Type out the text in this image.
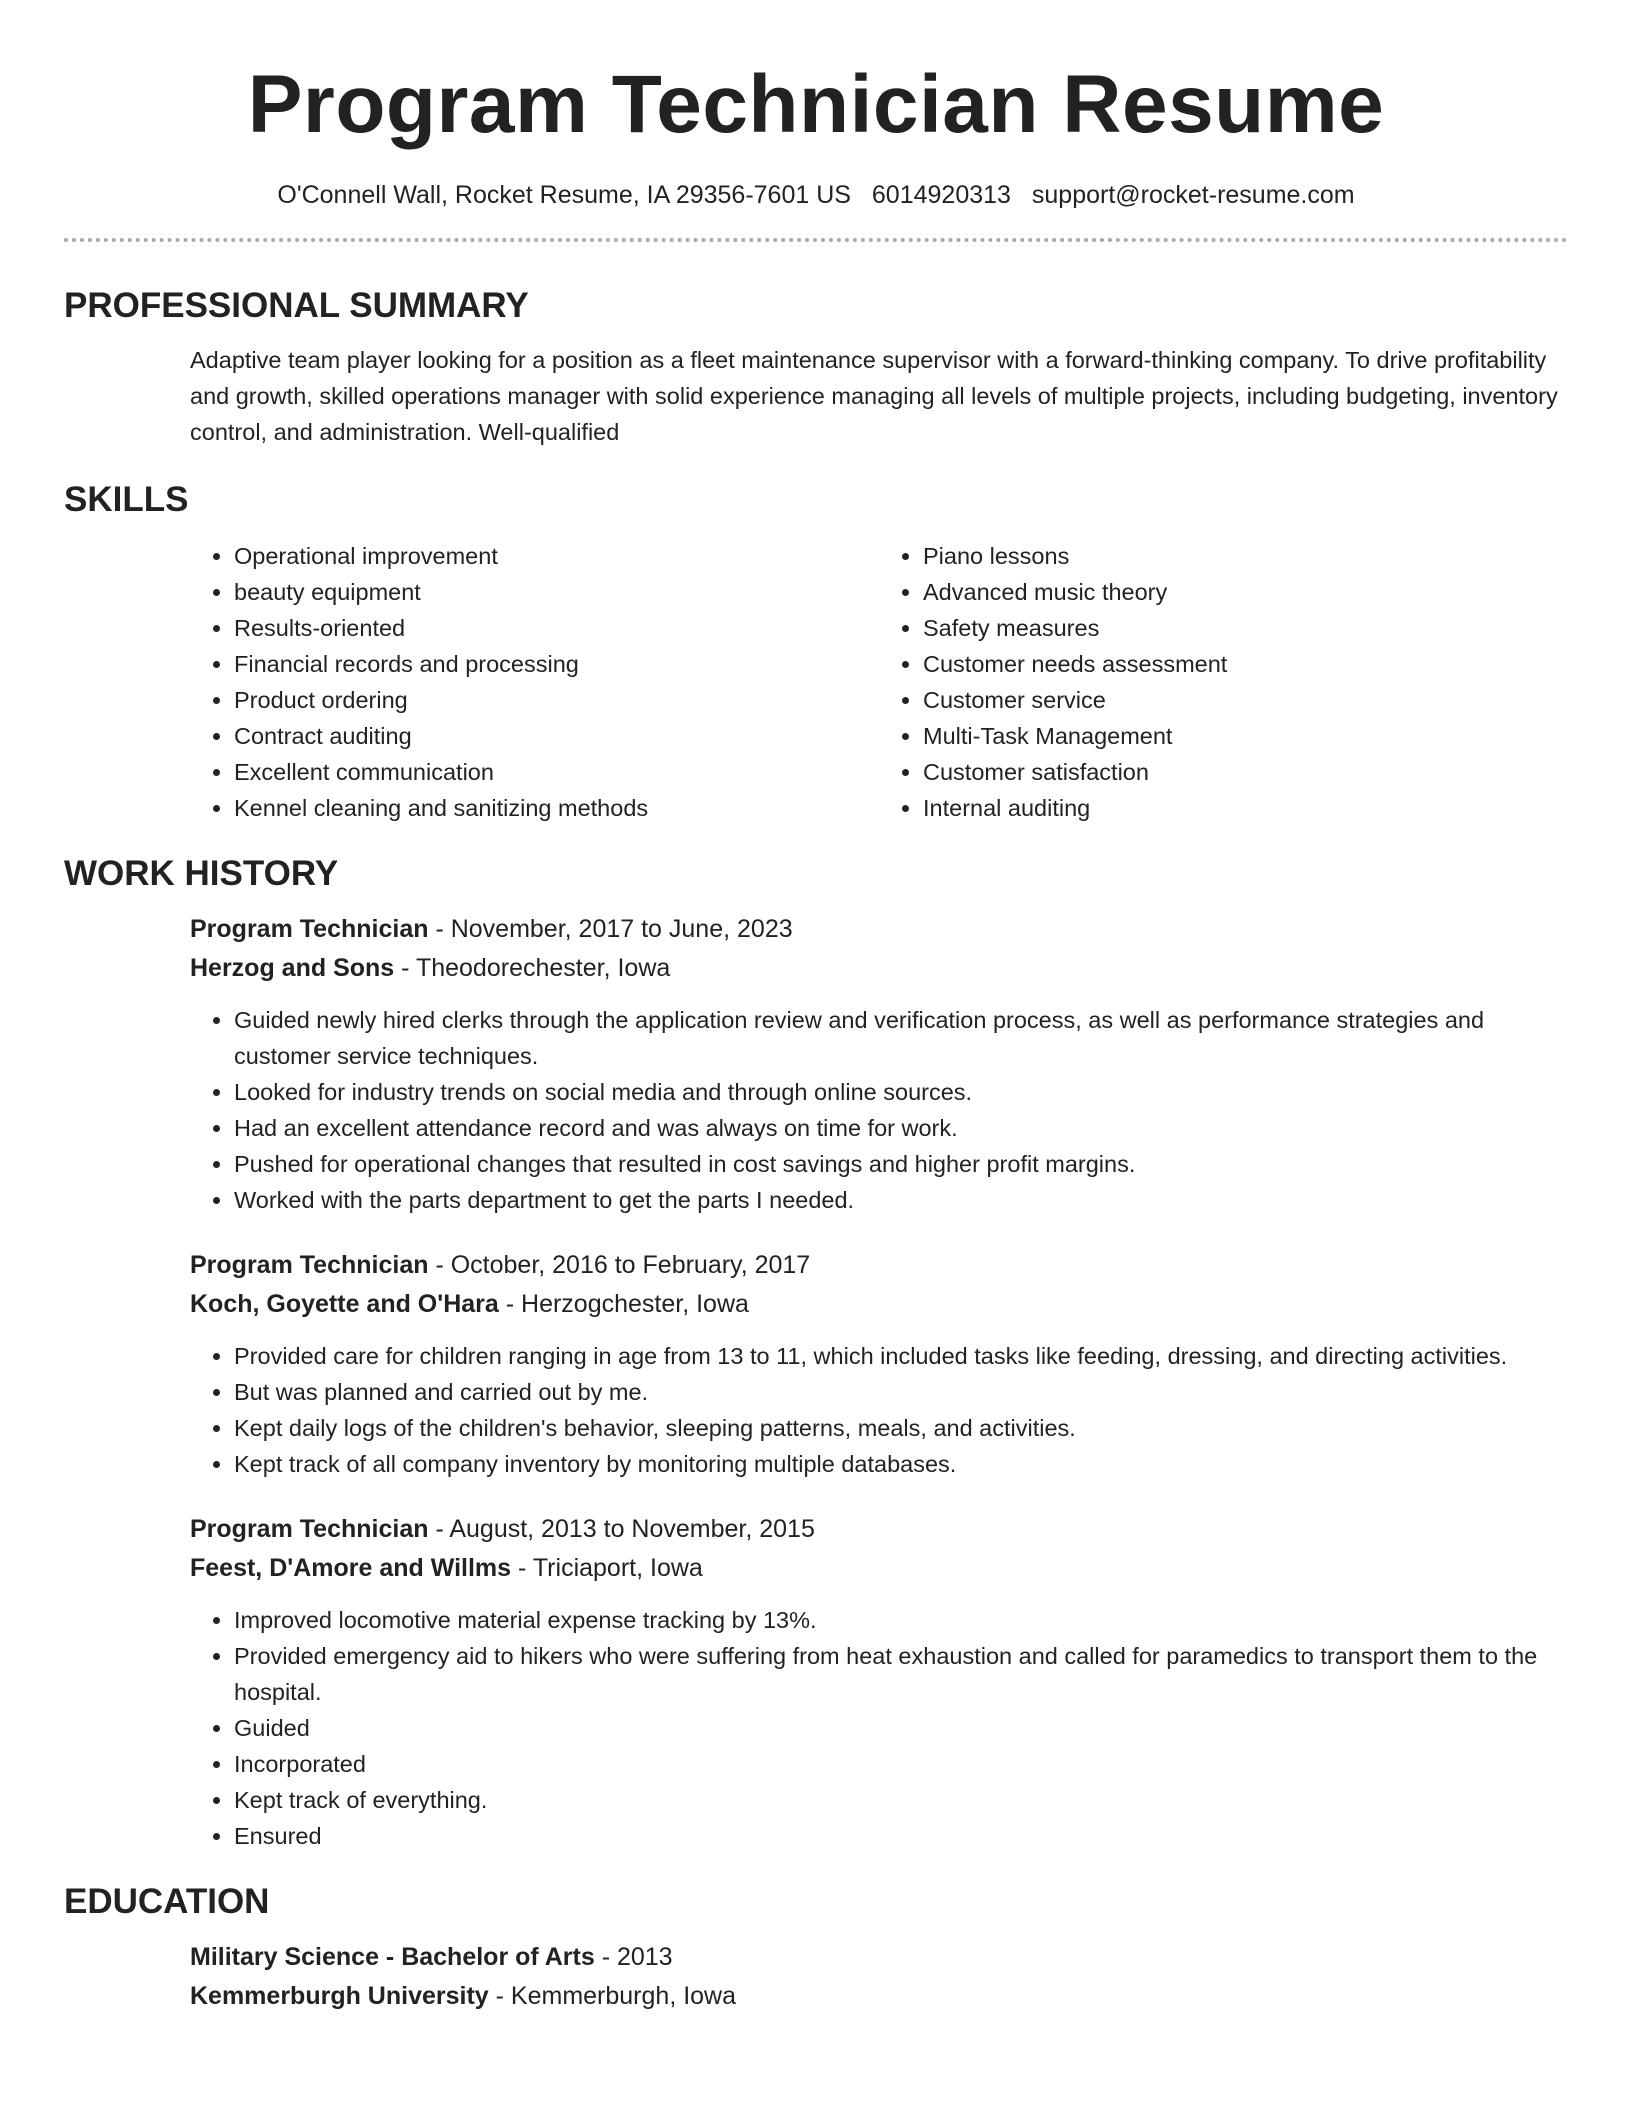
Program Technician Resume
O'Connell Wall, Rocket Resume, IA 29356-7601 US 6014920313 support@rocket-resume.com
PROFESSIONAL SUMMARY

Adaptive team player looking for a position as a fleet maintenance supervisor with a forward-thinking company. To drive profitability and growth, skilled operations manager with solid experience managing all levels of multiple projects, including budgeting, inventory control, and administration. Well-qualified

SKILLS
• Operational improvement
• beauty equipment
• Results-oriented
• Financial records and processing
• Product ordering
• Contract auditing
• Excellent communication
• Kennel cleaning and sanitizing methods
• Piano lessons
• Advanced music theory
• Safety measures
• Customer needs assessment
• Customer service
• Multi-Task Management
• Customer satisfaction
• Internal auditing
WORK HISTORY
Program Technician - November, 2017 to June, 2023
Herzog and Sons - Theodorechester, Iowa
• Guided newly hired clerks through the application review and verification process, as well as performance strategies and customer service techniques.
• Looked for industry trends on social media and through online sources.
• Had an excellent attendance record and was always on time for work.
• Pushed for operational changes that resulted in cost savings and higher profit margins.
• Worked with the parts department to get the parts I needed.
Program Technician - October, 2016 to February, 2017
Koch, Goyette and O'Hara - Herzogchester, Iowa
• Provided care for children ranging in age from 13 to 11, which included tasks like feeding, dressing, and directing activities.
• But was planned and carried out by me.
• Kept daily logs of the children's behavior, sleeping patterns, meals, and activities.
• Kept track of all company inventory by monitoring multiple databases.
Program Technician - August, 2013 to November, 2015
Feest, D'Amore and Willms - Triciaport, Iowa
• Improved locomotive material expense tracking by 13%.
• Provided emergency aid to hikers who were suffering from heat exhaustion and called for paramedics to transport them to the hospital.
• Guided
• Incorporated
• Kept track of everything.
• Ensured
EDUCATION
Military Science - Bachelor of Arts - 2013
Kemmerburgh University - Kemmerburgh, Iowa
